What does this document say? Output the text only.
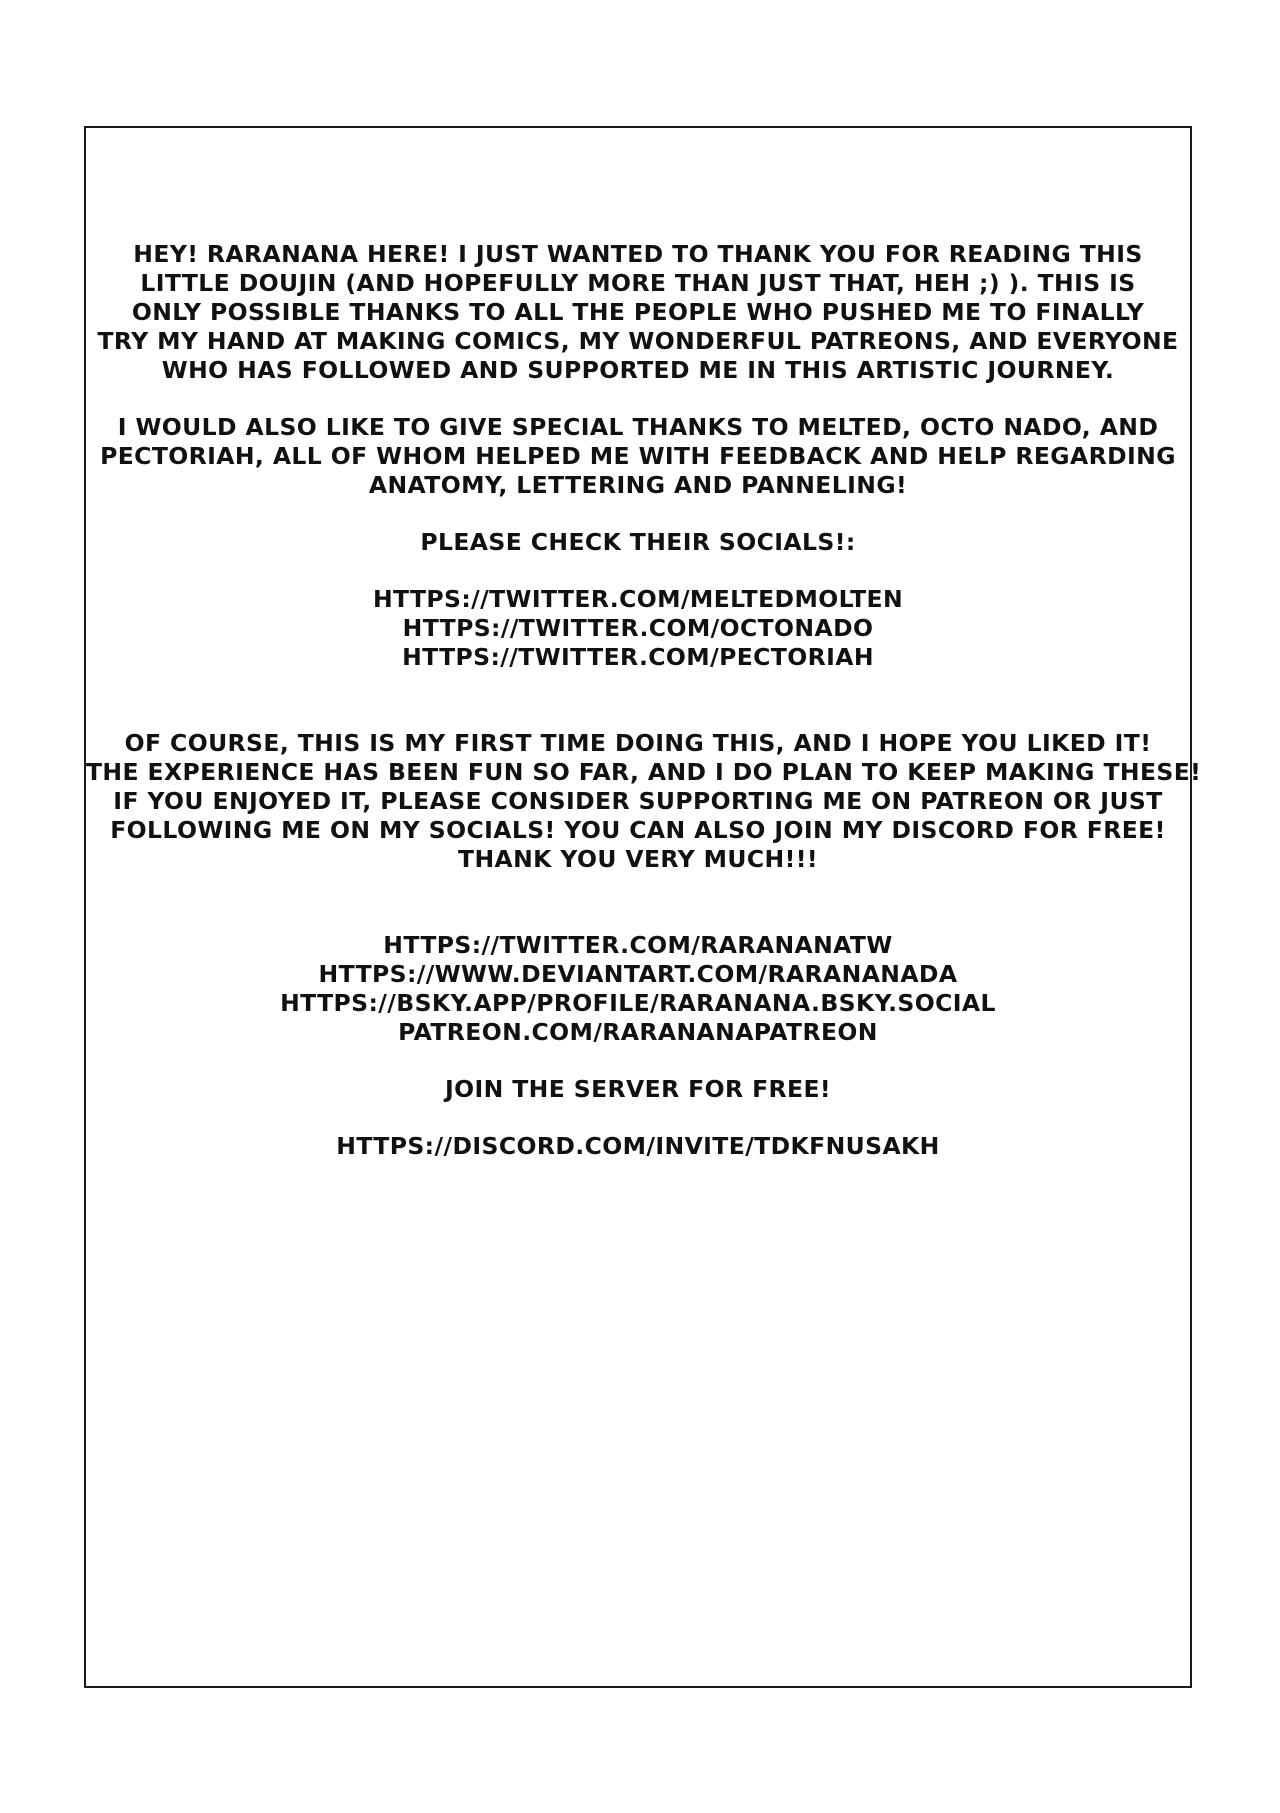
HEY! RARANANA HERE! I JUST WANTED TO THANK YOU FOR READING THIS
LITTLE DOUJIN (AND HOPEFULLY MORE THAN JUST THAT, HEH ;) ). THIS IS
ONLY POSSIBLE THANKS TO ALL THE PEOPLE WHO PUSHED ME TO FINALLY
TRY MY HAND AT MAKING COMICS, MY WONDERFUL PATREONS, AND EVERYONE
WHO HAS FOLLOWED AND SUPPORTED ME IN THIS ARTISTIC JOURNEY.
I WOULD ALSO LIKE TO GIVE SPECIAL THANKS TO MELTED, OCTO NADO, AND
PECTORIAH, ALL OF WHOM HELPED ME WITH FEEDBACK AND HELP REGARDING
ANATOMY, LETTERING AND PANNELING!
PLEASE CHECK THEIR SOCIALS!:
HTTPS://TWITTER.COM/MELTEDMOLTEN
HTTPS://TWITTER.COM/OCTONADO
HTTPS://TWITTER.COM/PECTORIAH
OF COURSE, THIS IS MY FIRST TIME DOING THIS, AND I HOPE YOU LIKED IT!
THE EXPERIENCE HAS BEEN FUN SO FAR, AND I DO PLAN TO KEEP MAKING THESE!
IF YOU ENJOYED IT, PLEASE CONSIDER SUPPORTING ME ON PATREON OR JUST
FOLLOWING ME ON MY SOCIALS! YOU CAN ALSO JOIN MY DISCORD FOR FREE!
THANK YOU VERY MUCH!!!
HTTPS://TWITTER.COM/RARANANATW
HTTPS://WWW.DEVIANTART.COM/RARANANADA
HTTPS://BSKY.APP/PROFILE/RARANANA.BSKY.SOCIAL
PATREON.COM/RARANANAPATREON
JOIN THE SERVER FOR FREE!
HTTPS://DISCORD.COM/INVITE/TDKFNUSAKH
